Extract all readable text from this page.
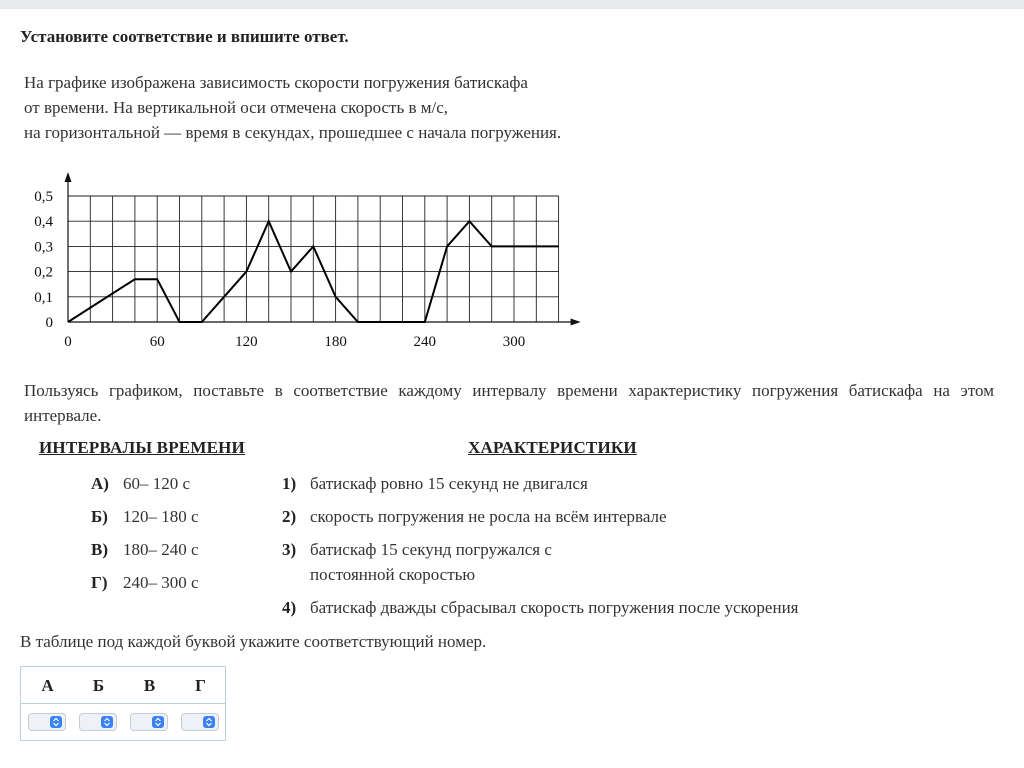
Установите соответствие и впишите ответ.
На графике изображена зависимость скорости погружения батискафа
от времени. На вертикальной оси отмечена скорость в м/с,
на горизонтальной — время в секундах, прошедшее с начала погружения.
0	60	120	180	240	300
0
0,1
0,2
0,3
0,4
0,5
Пользуясь графиком, поставьте в соответствие каждому интервалу времени характеристику погружения батискафа на этом интервале.
ИНТЕРВАЛЫ ВРЕМЕНИ	ХАРАКТЕРИСТИКИ
А) 60– 120 с
Б) 120– 180 с
В) 180– 240 с
Г) 240– 300 с
1) батискаф ровно 15 секунд не двигался
2) скорость погружения не росла на всём интервале
3) батискаф 15 секунд погружался с постоянной скоростью
4) батискаф дважды сбрасывал скорость погружения после ускорения
В таблице под каждой буквой укажите соответствующий номер.
А	Б	В	Г
